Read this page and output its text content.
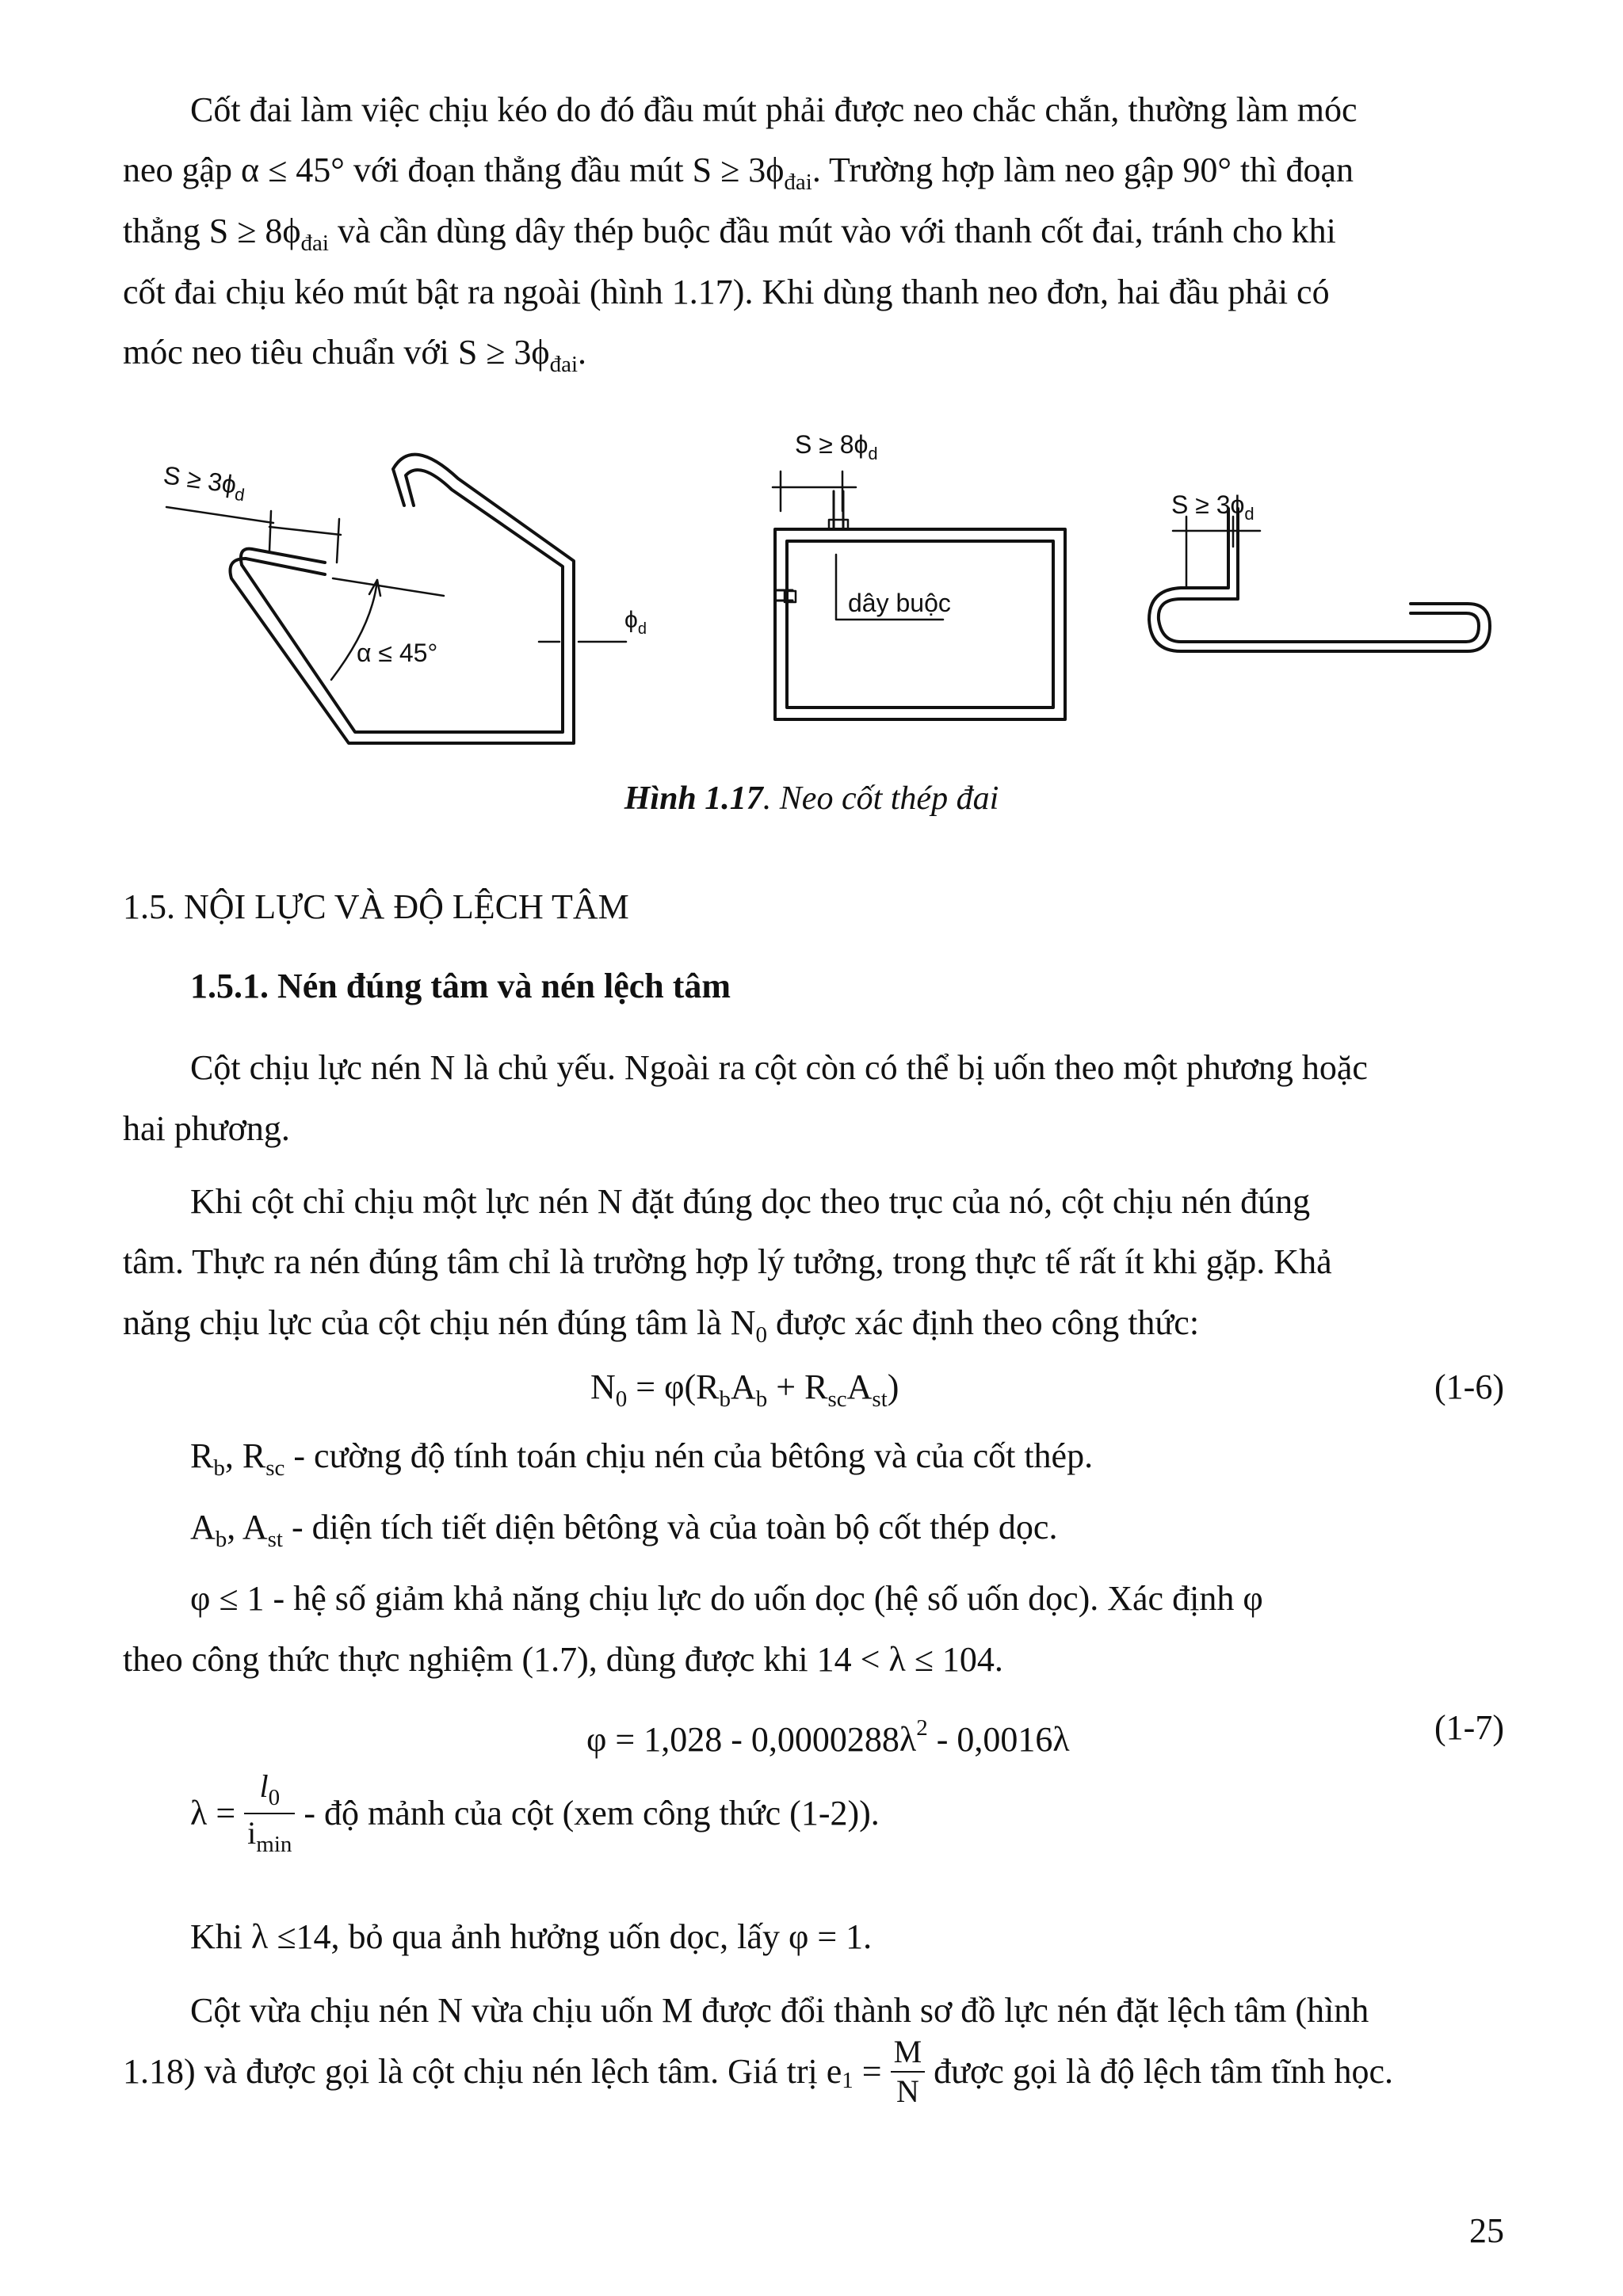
Cốt đai làm việc chịu kéo do đó đầu mút phải được neo chắc chắn, thường làm móc
neo gập α ≤ 45° với đoạn thẳng đầu mút $S \ge 3\phi_{đai}$. Trường hợp làm neo gập 90° thì đoạn
thẳng $S \ge 8\phi_{đai}$ và cần dùng dây thép buộc đầu mút vào với thanh cốt đai, tránh cho khi
cốt đai chịu kéo mút bật ra ngoài (hình 1.17). Khi dùng thanh neo đơn, hai đầu phải có
móc neo tiêu chuẩn với $S \ge 3\phi_{đai}$.
$S \ge 3\phi_d$
α ≤ 45°
$\phi_d$
$S \ge 8\phi_d$
dây buộc
$S \ge 3\phi_d$
Hình 1.17. Neo cốt thép đai
1.5. NỘI LỰC VÀ ĐỘ LỆCH TÂM
1.5.1. Nén đúng tâm và nén lệch tâm
Cột chịu lực nén N là chủ yếu. Ngoài ra cột còn có thể bị uốn theo một phương hoặc
hai phương.
Khi cột chỉ chịu một lực nén N đặt đúng dọc theo trục của nó, cột chịu nén đúng
tâm. Thực ra nén đúng tâm chỉ là trường hợp lý tưởng, trong thực tế rất ít khi gặp. Khả
năng chịu lực của cột chịu nén đúng tâm là $N_0$ được xác định theo công thức:
$N_0 = \varphi(R_bA_b + R_{sc}A_{st})$	(1-6)
$R_b$, $R_{sc}$ - cường độ tính toán chịu nén của bêtông và của cốt thép.
$A_b$, $A_{st}$ - diện tích tiết diện bêtông và của toàn bộ cốt thép dọc.
φ ≤ 1 - hệ số giảm khả năng chịu lực do uốn dọc (hệ số uốn dọc). Xác định φ
theo công thức thực nghiệm (1.7), dùng được khi 14 < λ ≤ 104.
$\varphi = 1,028 - 0,0000288\lambda^2 - 0,0016\lambda$	(1-7)
$\lambda = \frac{l_0}{i_{min}}$ - độ mảnh của cột (xem công thức (1-2)).
Khi λ ≤14, bỏ qua ảnh hưởng uốn dọc, lấy φ = 1.
Cột vừa chịu nén N vừa chịu uốn M được đổi thành sơ đồ lực nén đặt lệch tâm (hình
1.18) và được gọi là cột chịu nén lệch tâm. Giá trị $e_1 = \frac{M}{N}$ được gọi là độ lệch tâm tĩnh học.
25
